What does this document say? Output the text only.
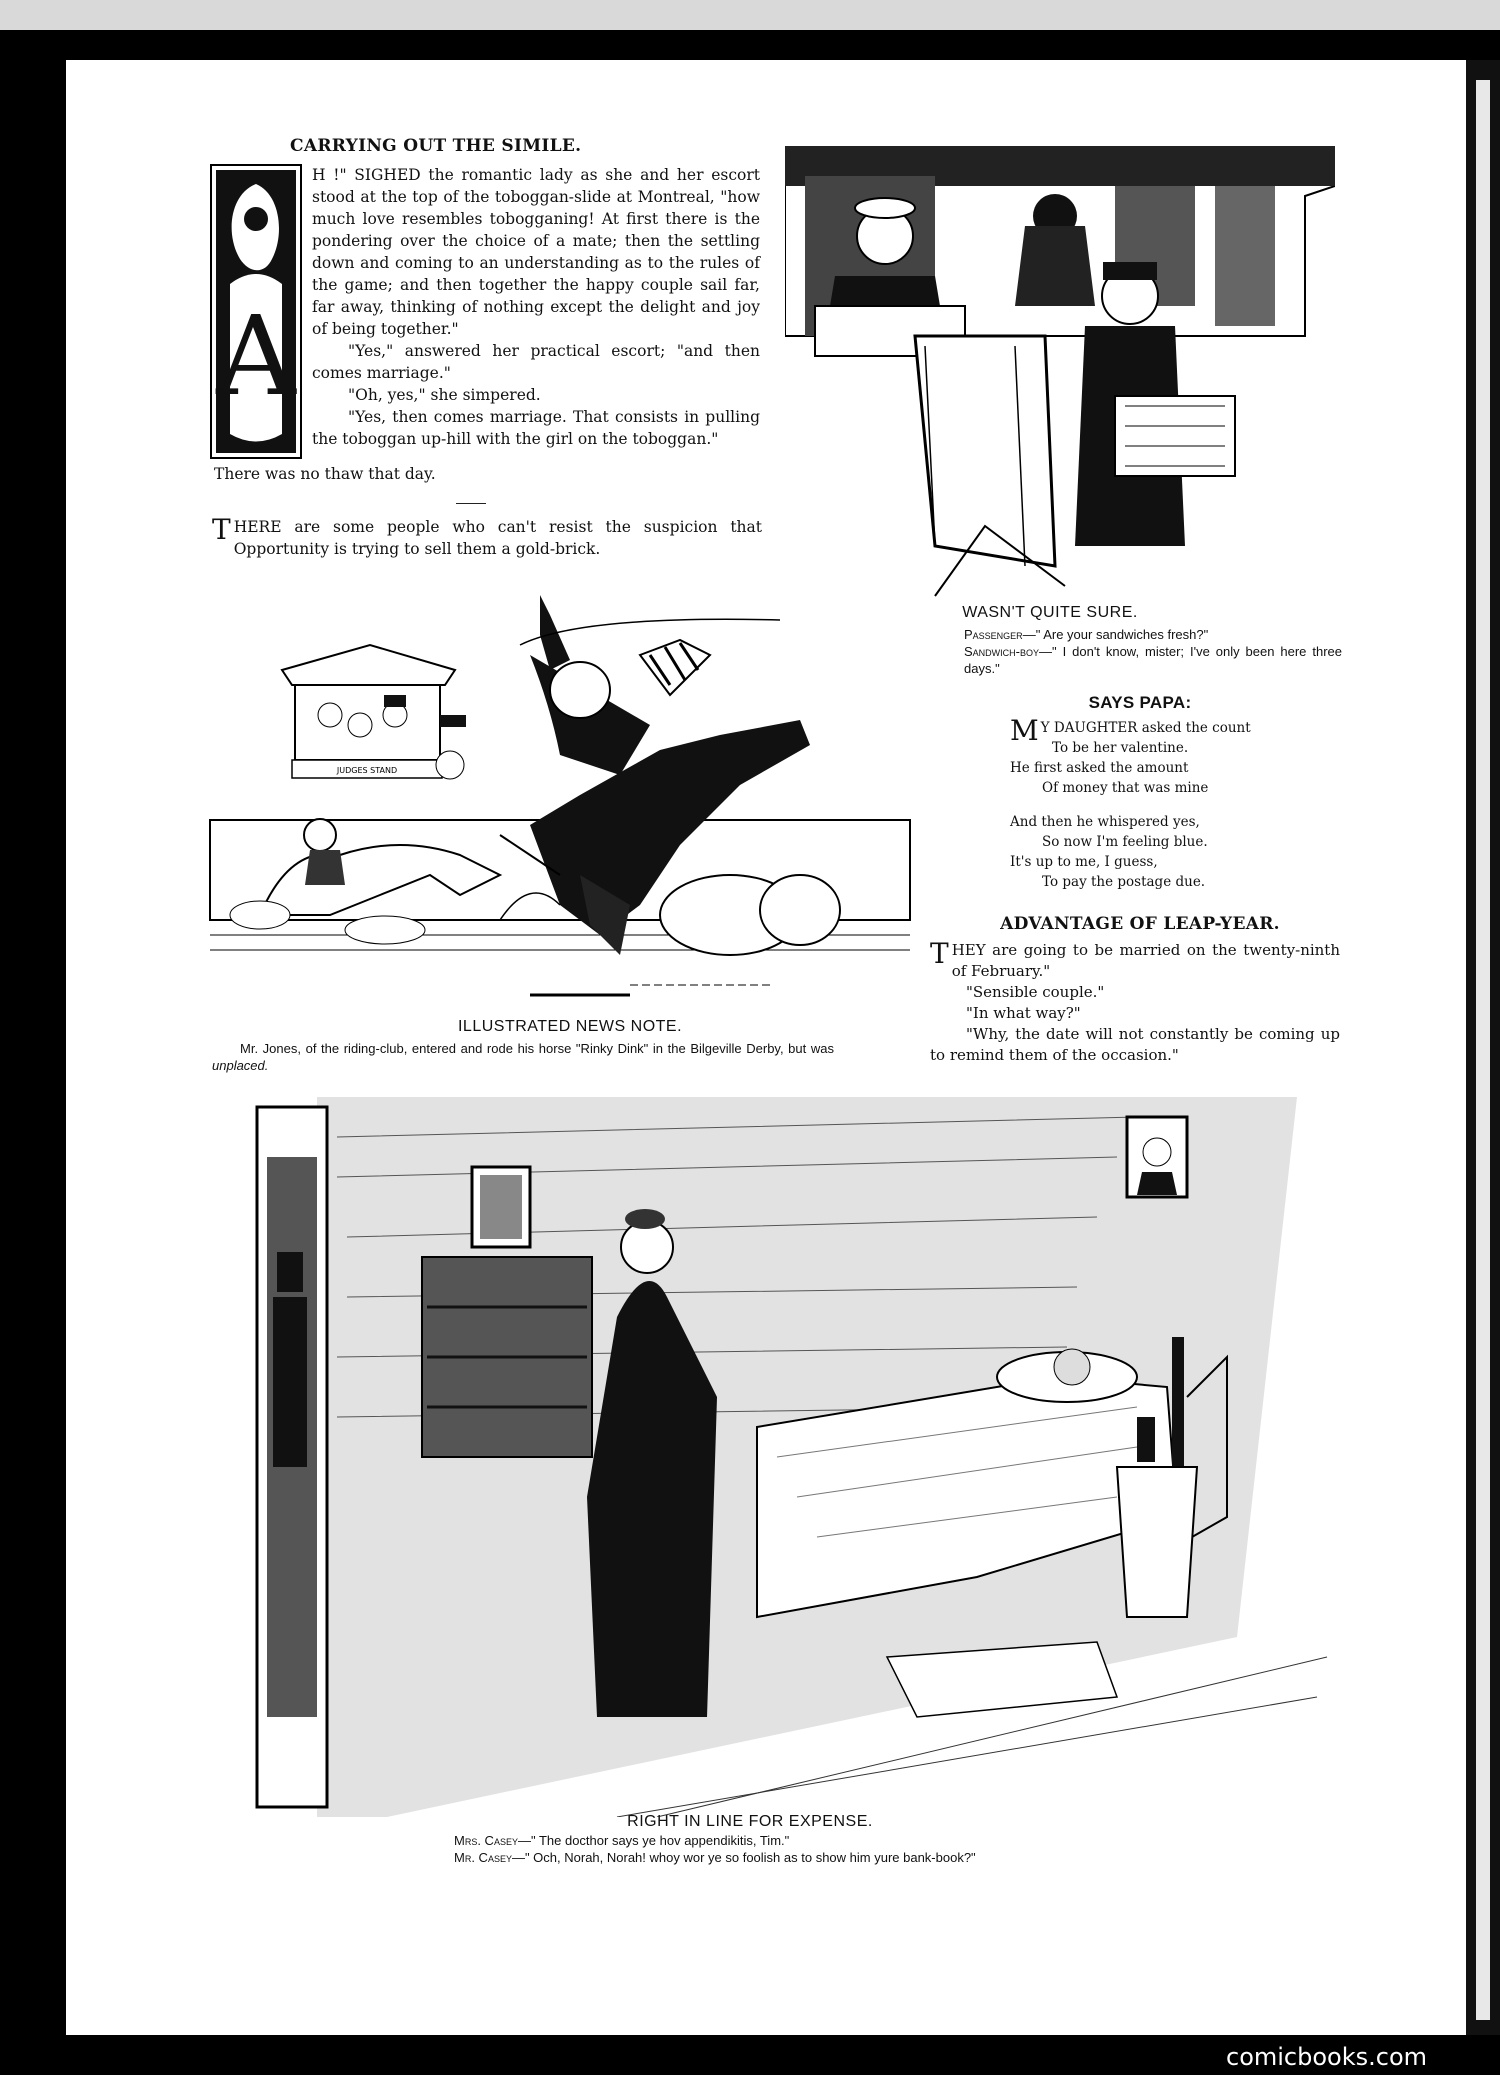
CARRYING OUT THE SIMILE.
A

H !" SIGHED the romantic lady as she and her escort stood at the top of the toboggan-slide at Montreal, "how much love resembles tobogganing! At first there is the pondering over the choice of a mate; then the settling down and coming to an understanding as to the rules of the game; and then together the happy couple sail far, far away, thinking of nothing except the delight and joy of being together."

"Yes," answered her practical escort; "and then comes marriage."

"Oh, yes," she simpered.

"Yes, then comes marriage. That consists in pulling the toboggan up-hill with the girl on the toboggan."

There was no thaw that day.

T HERE are some people who can't resist the suspicion that Opportunity is trying to sell them a gold-brick.
WASN'T QUITE SURE.
Passenger—" Are your sandwiches fresh?"
Sandwich-boy—" I don't know, mister; I've only been here three days."
SAYS PAPA:
M Y DAUGHTER asked the count
To be her valentine.
He first asked the amount
Of money that was mine
And then he whispered yes,
So now I'm feeling blue.
It's up to me, I guess,
To pay the postage due.
ADVANTAGE OF LEAP-YEAR.
THEY are going to be married on the twenty-ninth of February."

"Sensible couple."

"In what way?"

"Why, the date will not constantly be coming up to remind them of the occasion."

JUDGES STAND
ILLUSTRATED NEWS NOTE.
Mr. Jones, of the riding-club, entered and rode his horse "Rinky Dink" in the Bilgeville Derby, but was unplaced.
RIGHT IN LINE FOR EXPENSE.
Mrs. Casey—" The docthor says ye hov appendikitis, Tim."
Mr. Casey—" Och, Norah, Norah! whoy wor ye so foolish as to show him yure bank-book?"
comicbooks.com
